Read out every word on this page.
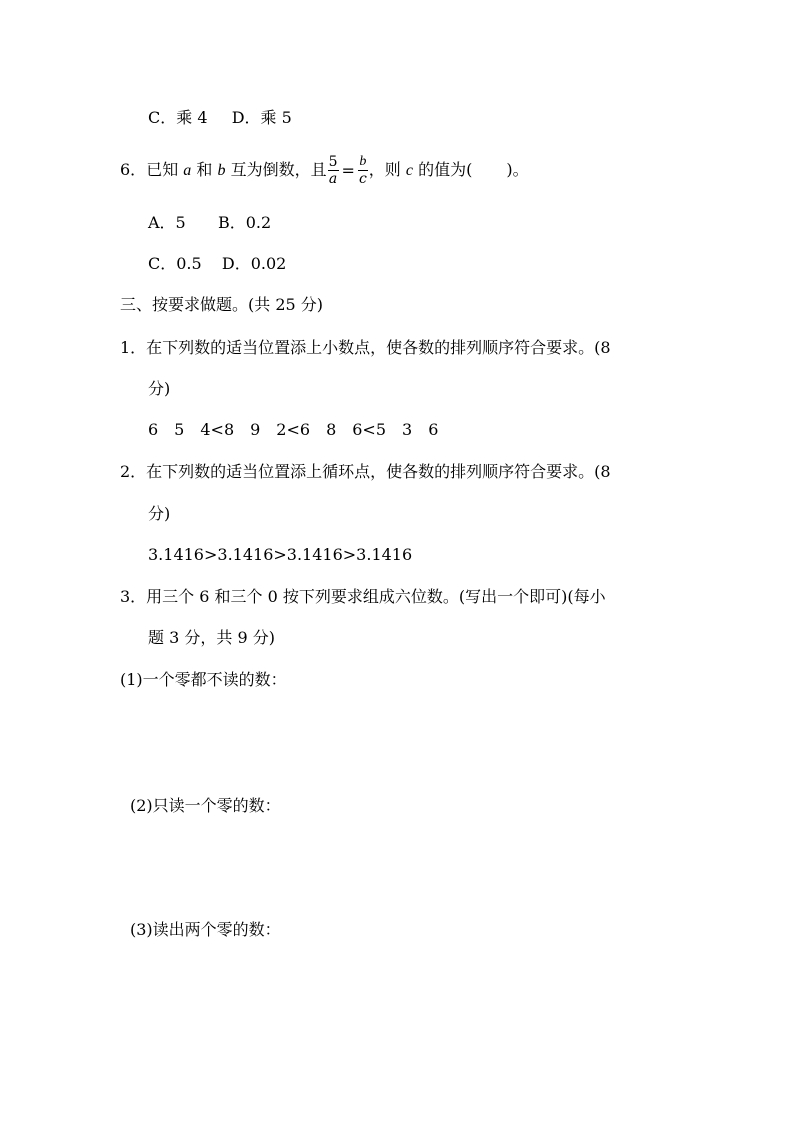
C．乘 4 D．乘 5
6．已知 a 和 b 互为倒数，且 $\frac{5}{a} = \frac{b}{c}$ ，则 c 的值为( )。
A．5 B．0.2
C．0.5 D．0.02
三、按要求做题。(共 25 分)
1．在下列数的适当位置添上小数点，使各数的排列顺序符合要求。(8
分)
6　5　4<8　9　2<6　8　6<5　3　6
2．在下列数的适当位置添上循环点，使各数的排列顺序符合要求。(8
分)
3.1416>3.1416>3.1416>3.1416
3．用三个 6 和三个 0 按下列要求组成六位数。(写出一个即可)(每小
题 3 分，共 9 分)
(1)一个零都不读的数：
(2)只读一个零的数：
(3)读出两个零的数：
